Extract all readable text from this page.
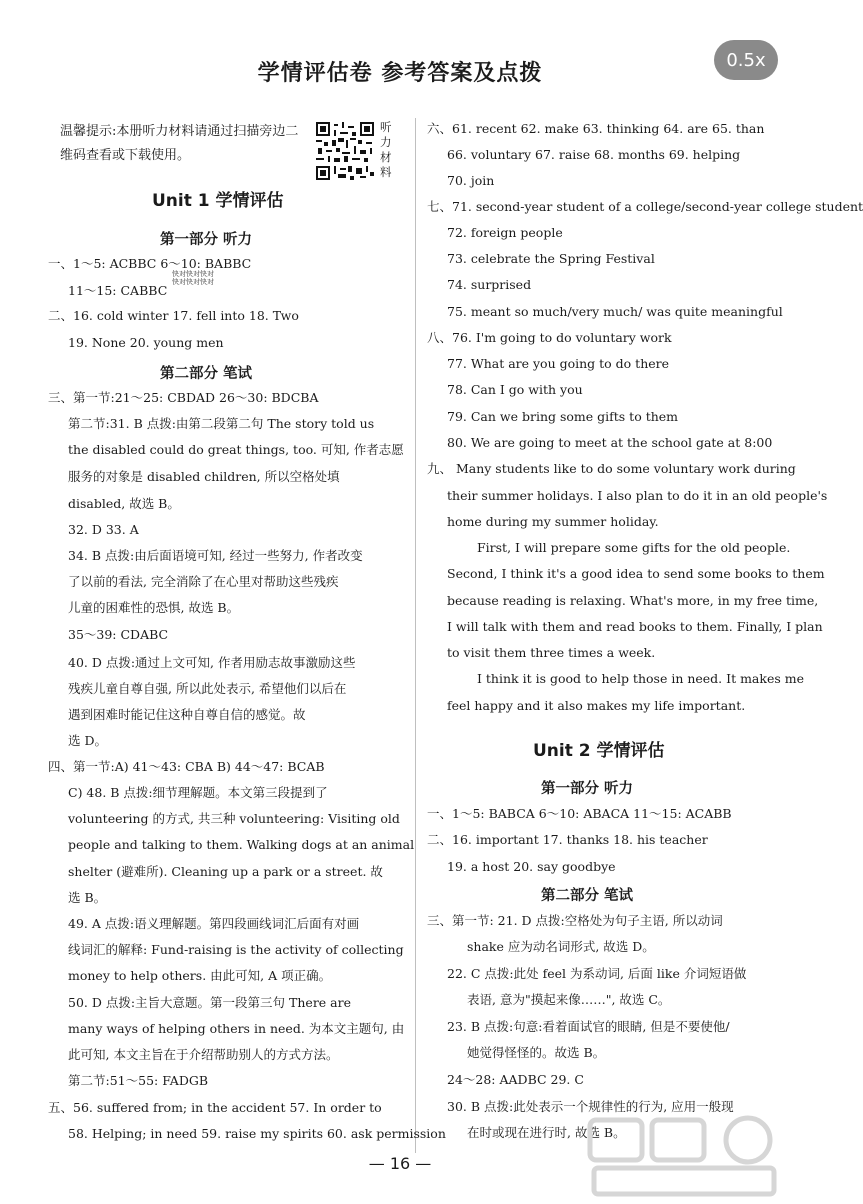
学情评估卷 参考答案及点拨
0.5x
听
力
材
料
快对快对快对
快对快对快对
温馨提示:本册听力材料请通过扫描旁边二
维码查看或下载使用。
Unit 1 学情评估
第一部分 听力
一、1～5: ACBBC 6～10: BABBC
11～15: CABBC
二、16. cold winter 17. fell into 18. Two
19. None 20. young men
第二部分 笔试
三、第一节:21～25: CBDAD 26～30: BDCBA
第二节:31. B 点拨:由第二段第二句 The story told us
the disabled could do great things, too. 可知, 作者志愿
服务的对象是 disabled children, 所以空格处填
disabled, 故选 B。
32. D 33. A
34. B 点拨:由后面语境可知, 经过一些努力, 作者改变
了以前的看法, 完全消除了在心里对帮助这些残疾
儿童的困难性的恐惧, 故选 B。
35～39: CDABC
40. D 点拨:通过上文可知, 作者用励志故事激励这些
残疾儿童自尊自强, 所以此处表示, 希望他们以后在
遇到困难时能记住这种自尊自信的感觉。故
选 D。
四、第一节:A) 41～43: CBA B) 44～47: BCAB
C) 48. B 点拨:细节理解题。本文第三段提到了
volunteering 的方式, 共三种 volunteering: Visiting old
people and talking to them. Walking dogs at an animal
shelter (避难所). Cleaning up a park or a street. 故
选 B。
49. A 点拨:语义理解题。第四段画线词汇后面有对画
线词汇的解释: Fund-raising is the activity of collecting
money to help others. 由此可知, A 项正确。
50. D 点拨:主旨大意题。第一段第三句 There are
many ways of helping others in need. 为本文主题句, 由
此可知, 本文主旨在于介绍帮助别人的方式方法。
第二节:51～55: FADGB
五、56. suffered from; in the accident 57. In order to
58. Helping; in need 59. raise my spirits 60. ask permission
六、61. recent 62. make 63. thinking 64. are 65. than
66. voluntary 67. raise 68. months 69. helping
70. join
七、71. second-year student of a college/second-year college student
72. foreign people
73. celebrate the Spring Festival
74. surprised
75. meant so much/very much/ was quite meaningful
八、76. I'm going to do voluntary work
77. What are you going to do there
78. Can I go with you
79. Can we bring some gifts to them
80. We are going to meet at the school gate at 8:00
九、 Many students like to do some voluntary work during
their summer holidays. I also plan to do it in an old people's
home during my summer holiday.
First, I will prepare some gifts for the old people.
Second, I think it's a good idea to send some books to them
because reading is relaxing. What's more, in my free time,
I will talk with them and read books to them. Finally, I plan
to visit them three times a week.
I think it is good to help those in need. It makes me
feel happy and it also makes my life important.
Unit 2 学情评估
第一部分 听力
一、1～5: BABCA 6～10: ABACA 11～15: ACABB
二、16. important 17. thanks 18. his teacher
19. a host 20. say goodbye
第二部分 笔试
三、第一节: 21. D 点拨:空格处为句子主语, 所以动词
shake 应为动名词形式, 故选 D。
22. C 点拨:此处 feel 为系动词, 后面 like 介词短语做
表语, 意为"摸起来像……", 故选 C。
23. B 点拨:句意:看着面试官的眼睛, 但是不要使他/
她觉得怪怪的。故选 B。
24～28: AADBC 29. C
30. B 点拨:此处表示一个规律性的行为, 应用一般现
在时或现在进行时, 故选 B。
— 16 —
